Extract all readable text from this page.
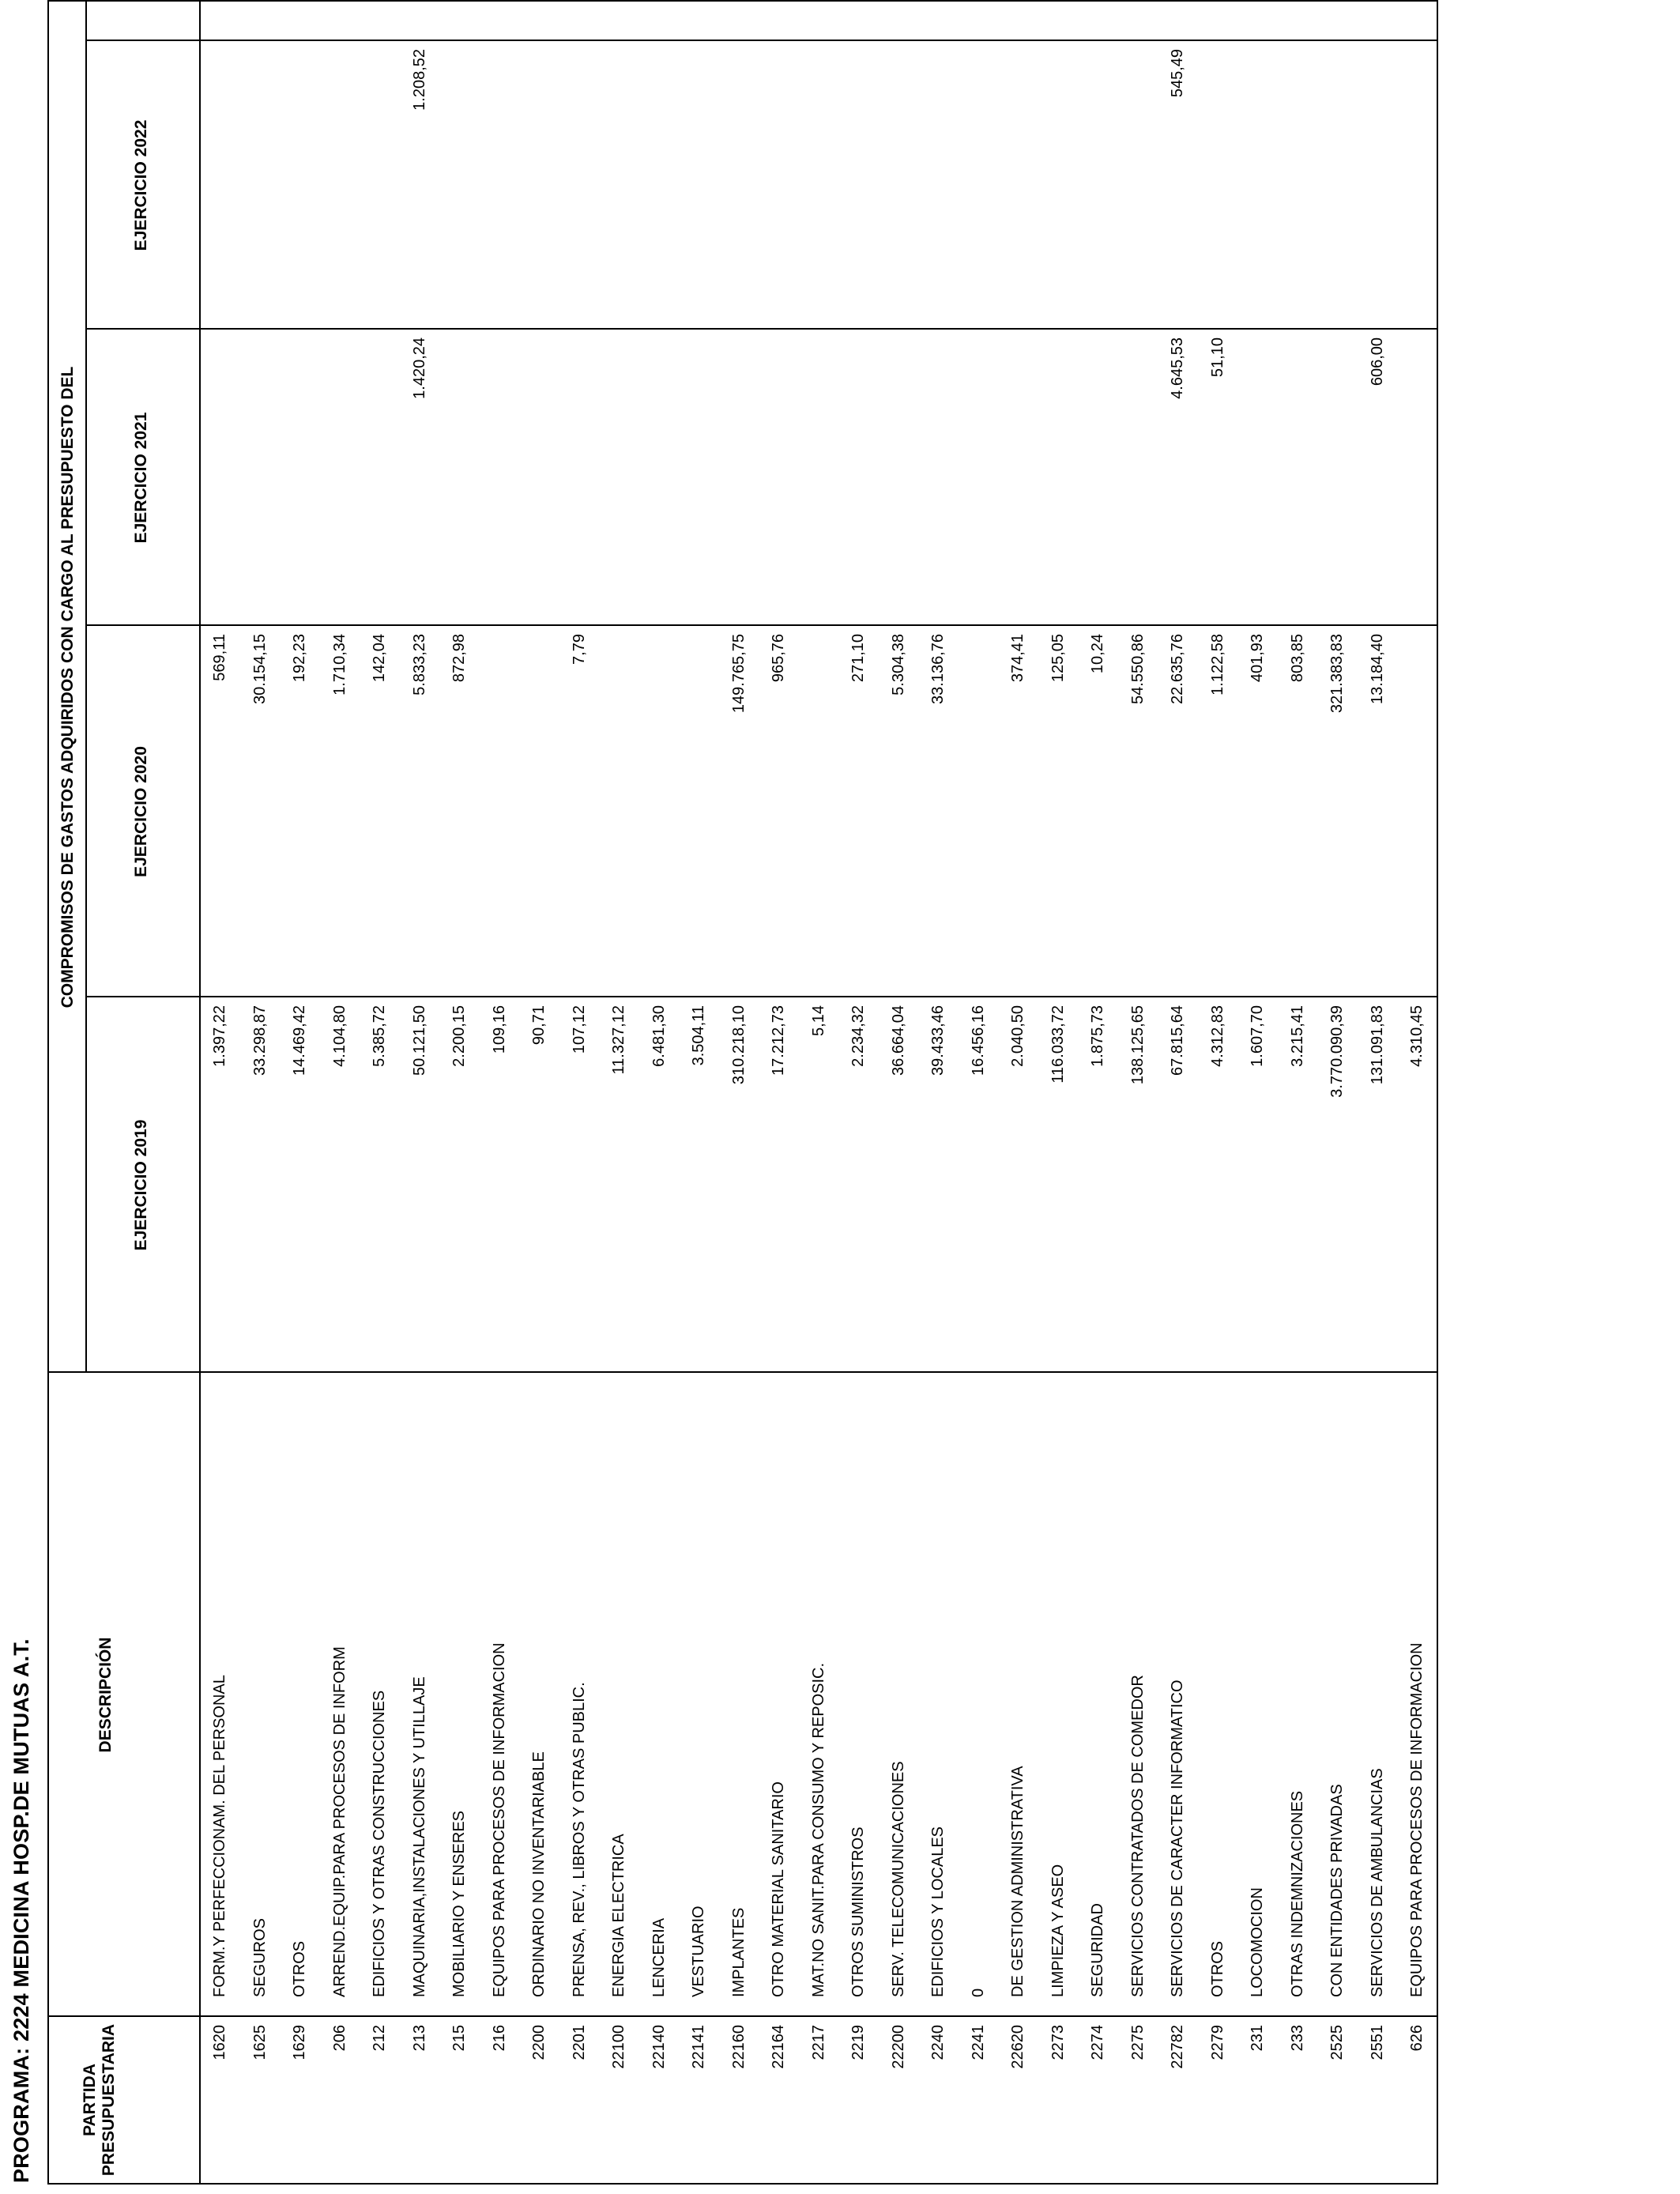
PROGRAMA: 2224 MEDICINA HOSP.DE MUTUAS A.T.	PARTIDA PRESUPUESTARIA
DESCRIPCIÓN
COMPROMISOS DE GASTOS ADQUIRIDOS CON CARGO AL PRESUPUESTO DEL
EJERCICIO 2019
EJERCICIO 2020
EJERCICIO 2021
EJERCICIO 2022
1620
FORM.Y PERFECCIONAM. DEL PERSONAL
1.397,22
569,11
1625
SEGUROS
33.298,87
30.154,15
1629
OTROS
14.469,42
192,23
206
ARREND.EQUIP.PARA PROCESOS DE INFORM
4.104,80
1.710,34
212
EDIFICIOS Y OTRAS CONSTRUCCIONES
5.385,72
142,04
213
MAQUINARIA,INSTALACIONES Y UTILLAJE
50.121,50
5.833,23
1.420,24
1.208,52
215
MOBILIARIO Y ENSERES
2.200,15
872,98
216
EQUIPOS PARA PROCESOS DE INFORMACION
109,16
2200
ORDINARIO NO INVENTARIABLE
90,71
2201
PRENSA, REV., LIBROS Y OTRAS PUBLIC.
107,12
7,79
22100
ENERGIA ELECTRICA
11.327,12
22140
LENCERIA
6.481,30
22141
VESTUARIO
3.504,11
22160
IMPLANTES
310.218,10
149.765,75
22164
OTRO MATERIAL SANITARIO
17.212,73
965,76
2217
MAT.NO SANIT.PARA CONSUMO Y REPOSIC.
5,14
2219
OTROS SUMINISTROS
2.234,32
271,10
22200
SERV. TELECOMUNICACIONES
36.664,04
5.304,38
2240
EDIFICIOS Y LOCALES
39.433,46
33.136,76
2241
0
16.456,16
22620
DE GESTION ADMINISTRATIVA
2.040,50
374,41
2273
LIMPIEZA Y ASEO
116.033,72
125,05
2274
SEGURIDAD
1.875,73
10,24
2275
SERVICIOS CONTRATADOS DE COMEDOR
138.125,65
54.550,86
22782
SERVICIOS DE CARACTER INFORMATICO
67.815,64
22.635,76
4.645,53
545,49
2279
OTROS
4.312,83
1.122,58
51,10
231
LOCOMOCION
1.607,70
401,93
233
OTRAS INDEMNIZACIONES
3.215,41
803,85
2525
CON ENTIDADES PRIVADAS
3.770.090,39
321.383,83
2551
SERVICIOS DE AMBULANCIAS
131.091,83
13.184,40
606,00
626
EQUIPOS PARA PROCESOS DE INFORMACION
4.310,45
